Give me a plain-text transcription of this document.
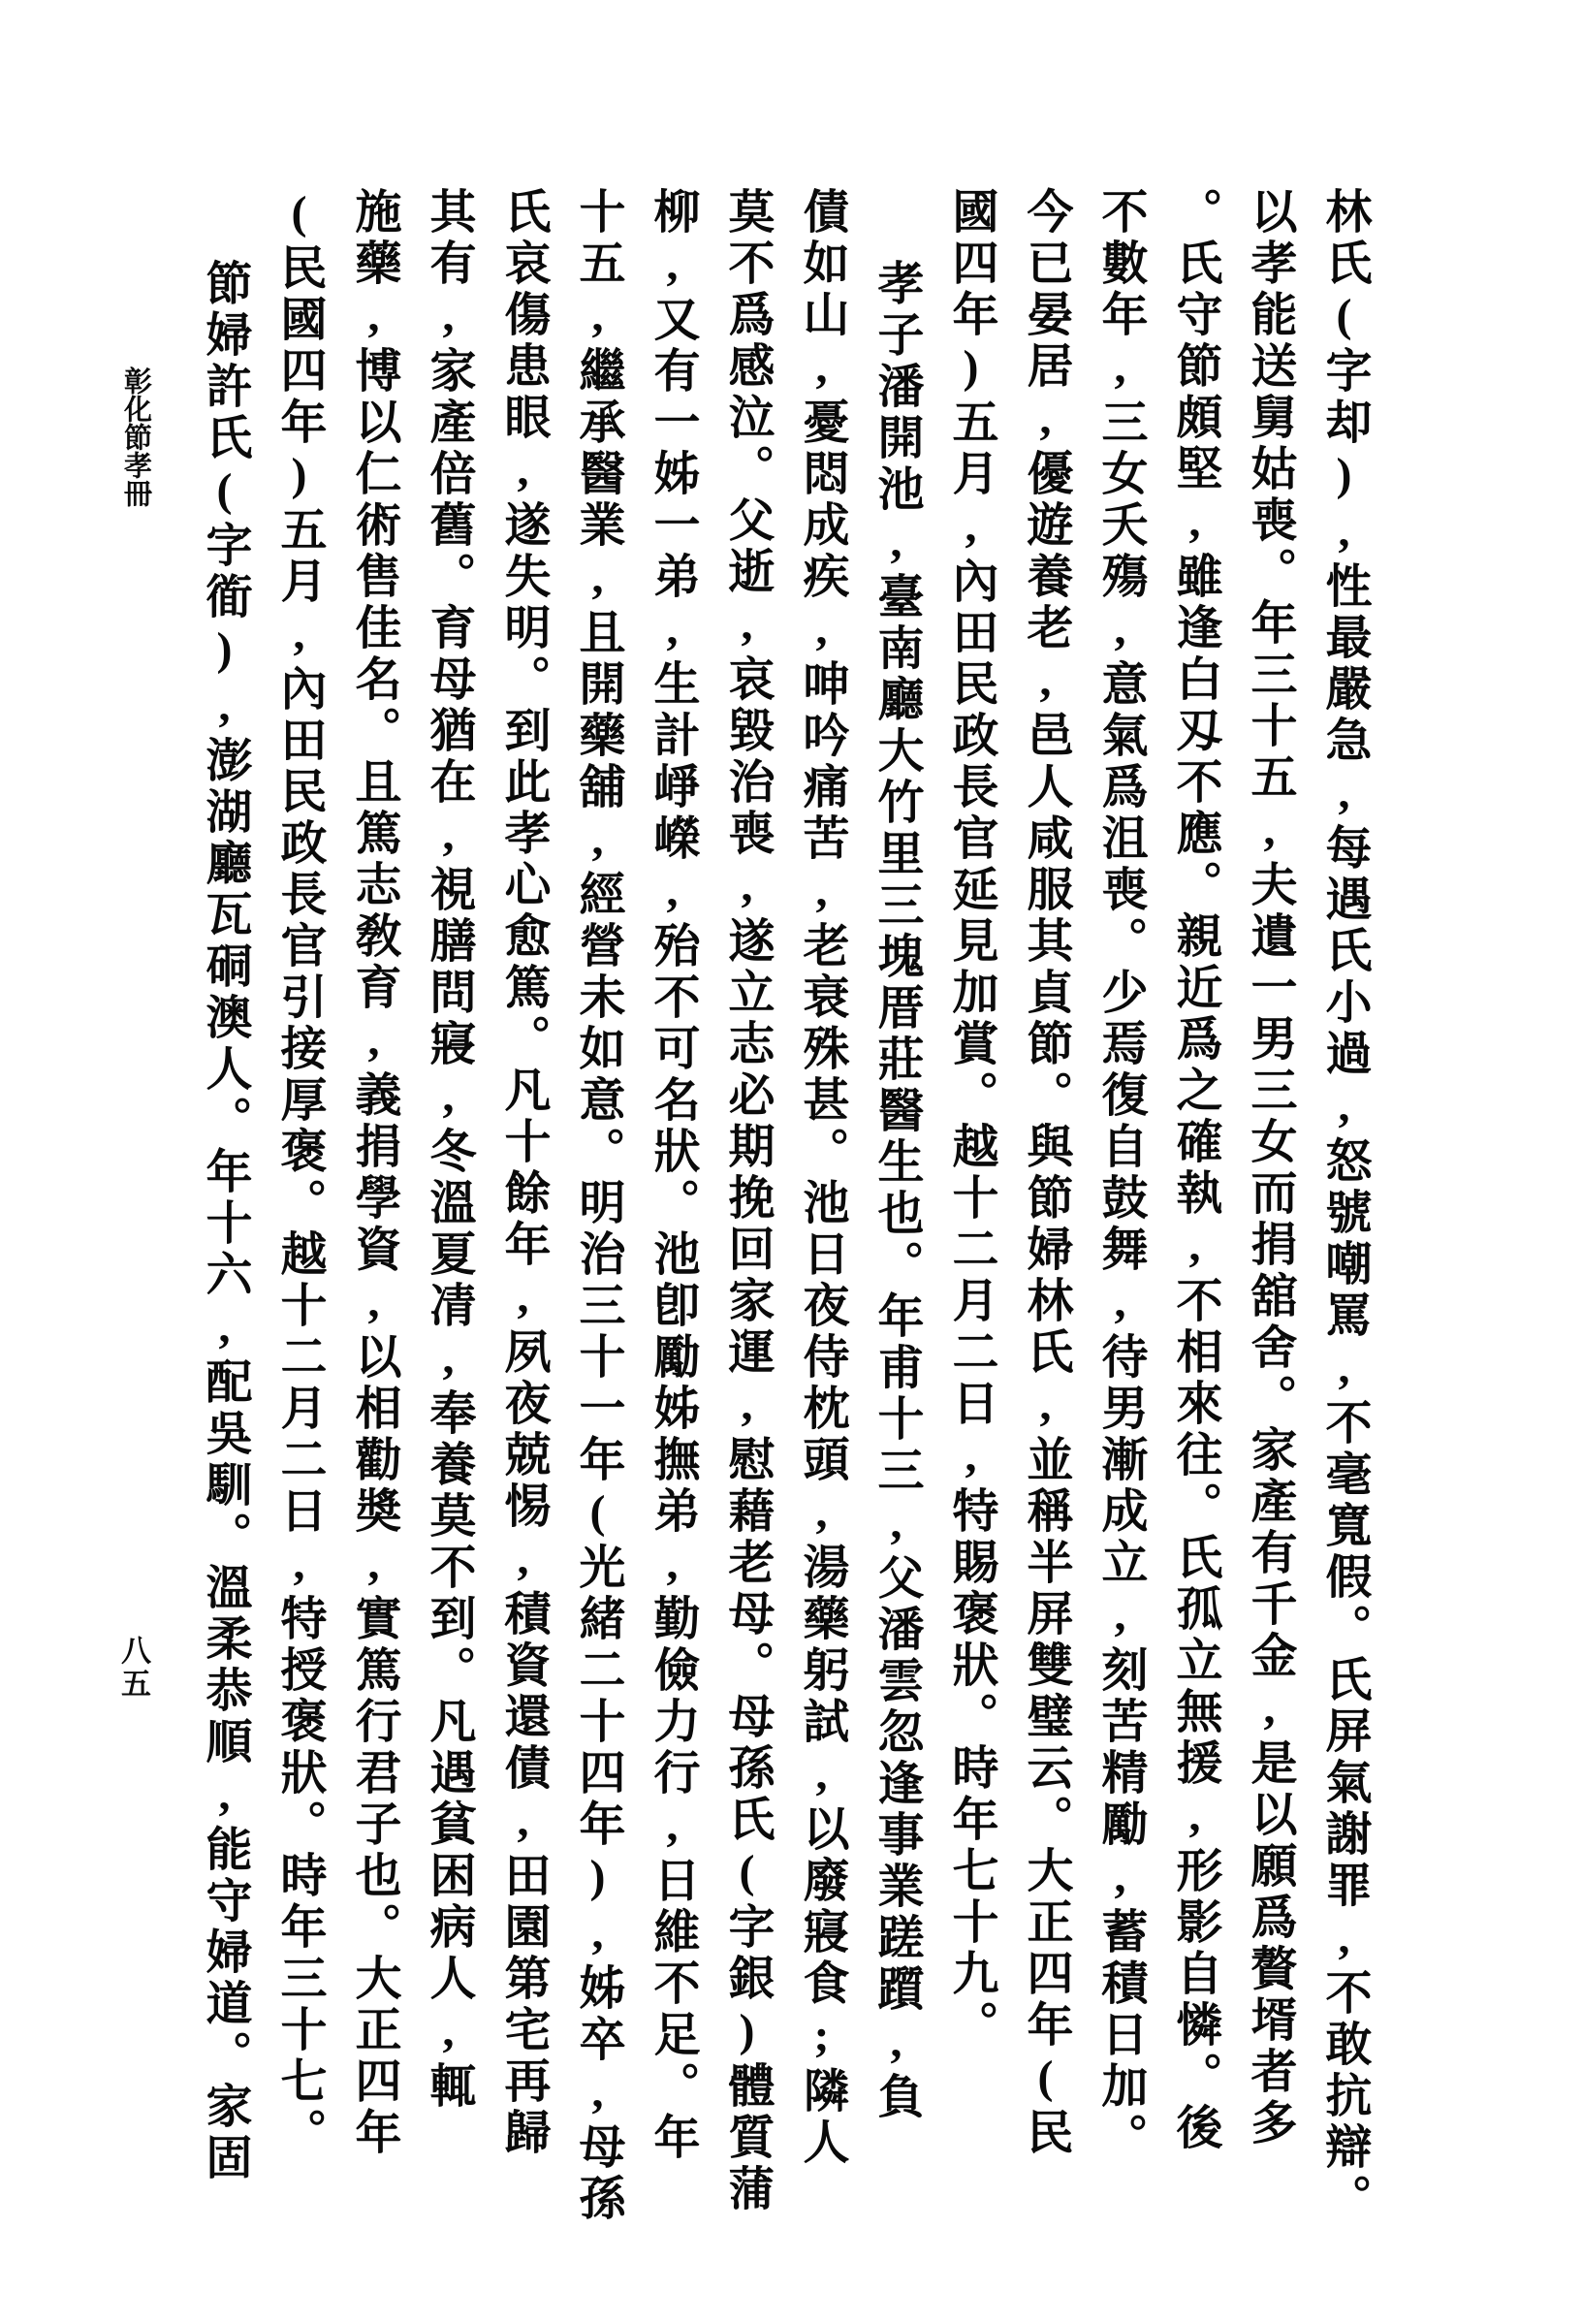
林氏(字却),性最嚴急,每遇氏小過,怒號嘲罵,不毫寬假。氏屏氣謝罪,不敢抗辯。
以孝能送舅姑喪。年三十五,夫遺一男三女而捐舘舍。家產有千金,是以願爲贅壻者多
。氏守節頗堅,雖逢白刄不應。親近爲之確執,不相來往。氏孤立無援,形影自憐。後
不數年,三女夭殤,意氣爲沮喪。少焉復自鼓舞,待男漸成立,刻苦精勵,蓄積日加。
今已晏居,優遊養老,邑人咸服其貞節。與節婦林氏,並稱半屏雙璧云。大正四年(民
國四年)五月,內田民政長官延見加賞。越十二月二日,特賜褒狀。時年七十九。
孝子潘開池,臺南廳大竹里三塊厝莊醫生也。年甫十三,父潘雲忽逢事業蹉躓,負
債如山,憂悶成疾,呻吟痛苦,老衰殊甚。池日夜侍枕頭,湯藥躬試,以廢寢食;隣人
莫不爲感泣。父逝,哀毀治喪,遂立志必期挽回家運,慰藉老母。母孫氏(字銀)體質蒲
柳,又有一姊一弟,生計崢嶸,殆不可名狀。池卽勵姊撫弟,勤儉力行,日維不足。年
十五,繼承醫業,且開藥舖,經營未如意。明治三十一年(光緒二十四年),姊卒,母孫
氏哀傷患眼,遂失明。到此孝心愈篤。凡十餘年,夙夜兢惕,積資還債,田園第宅再歸
其有,家產倍舊。育母猶在,視膳問寢,冬溫夏凊,奉養莫不到。凡遇貧困病人,輒
施藥,博以仁術售佳名。且篤志敎育,義捐學資,以相勸奬,實篤行君子也。大正四年
(民國四年)五月,內田民政長官引接厚褒。越十二月二日,特授褒狀。時年三十七。
節婦許氏(字衜),澎湖廳瓦硐澳人。年十六,配吳馴。溫柔恭順,能守婦道。家固
彰化節孝冊
八五
